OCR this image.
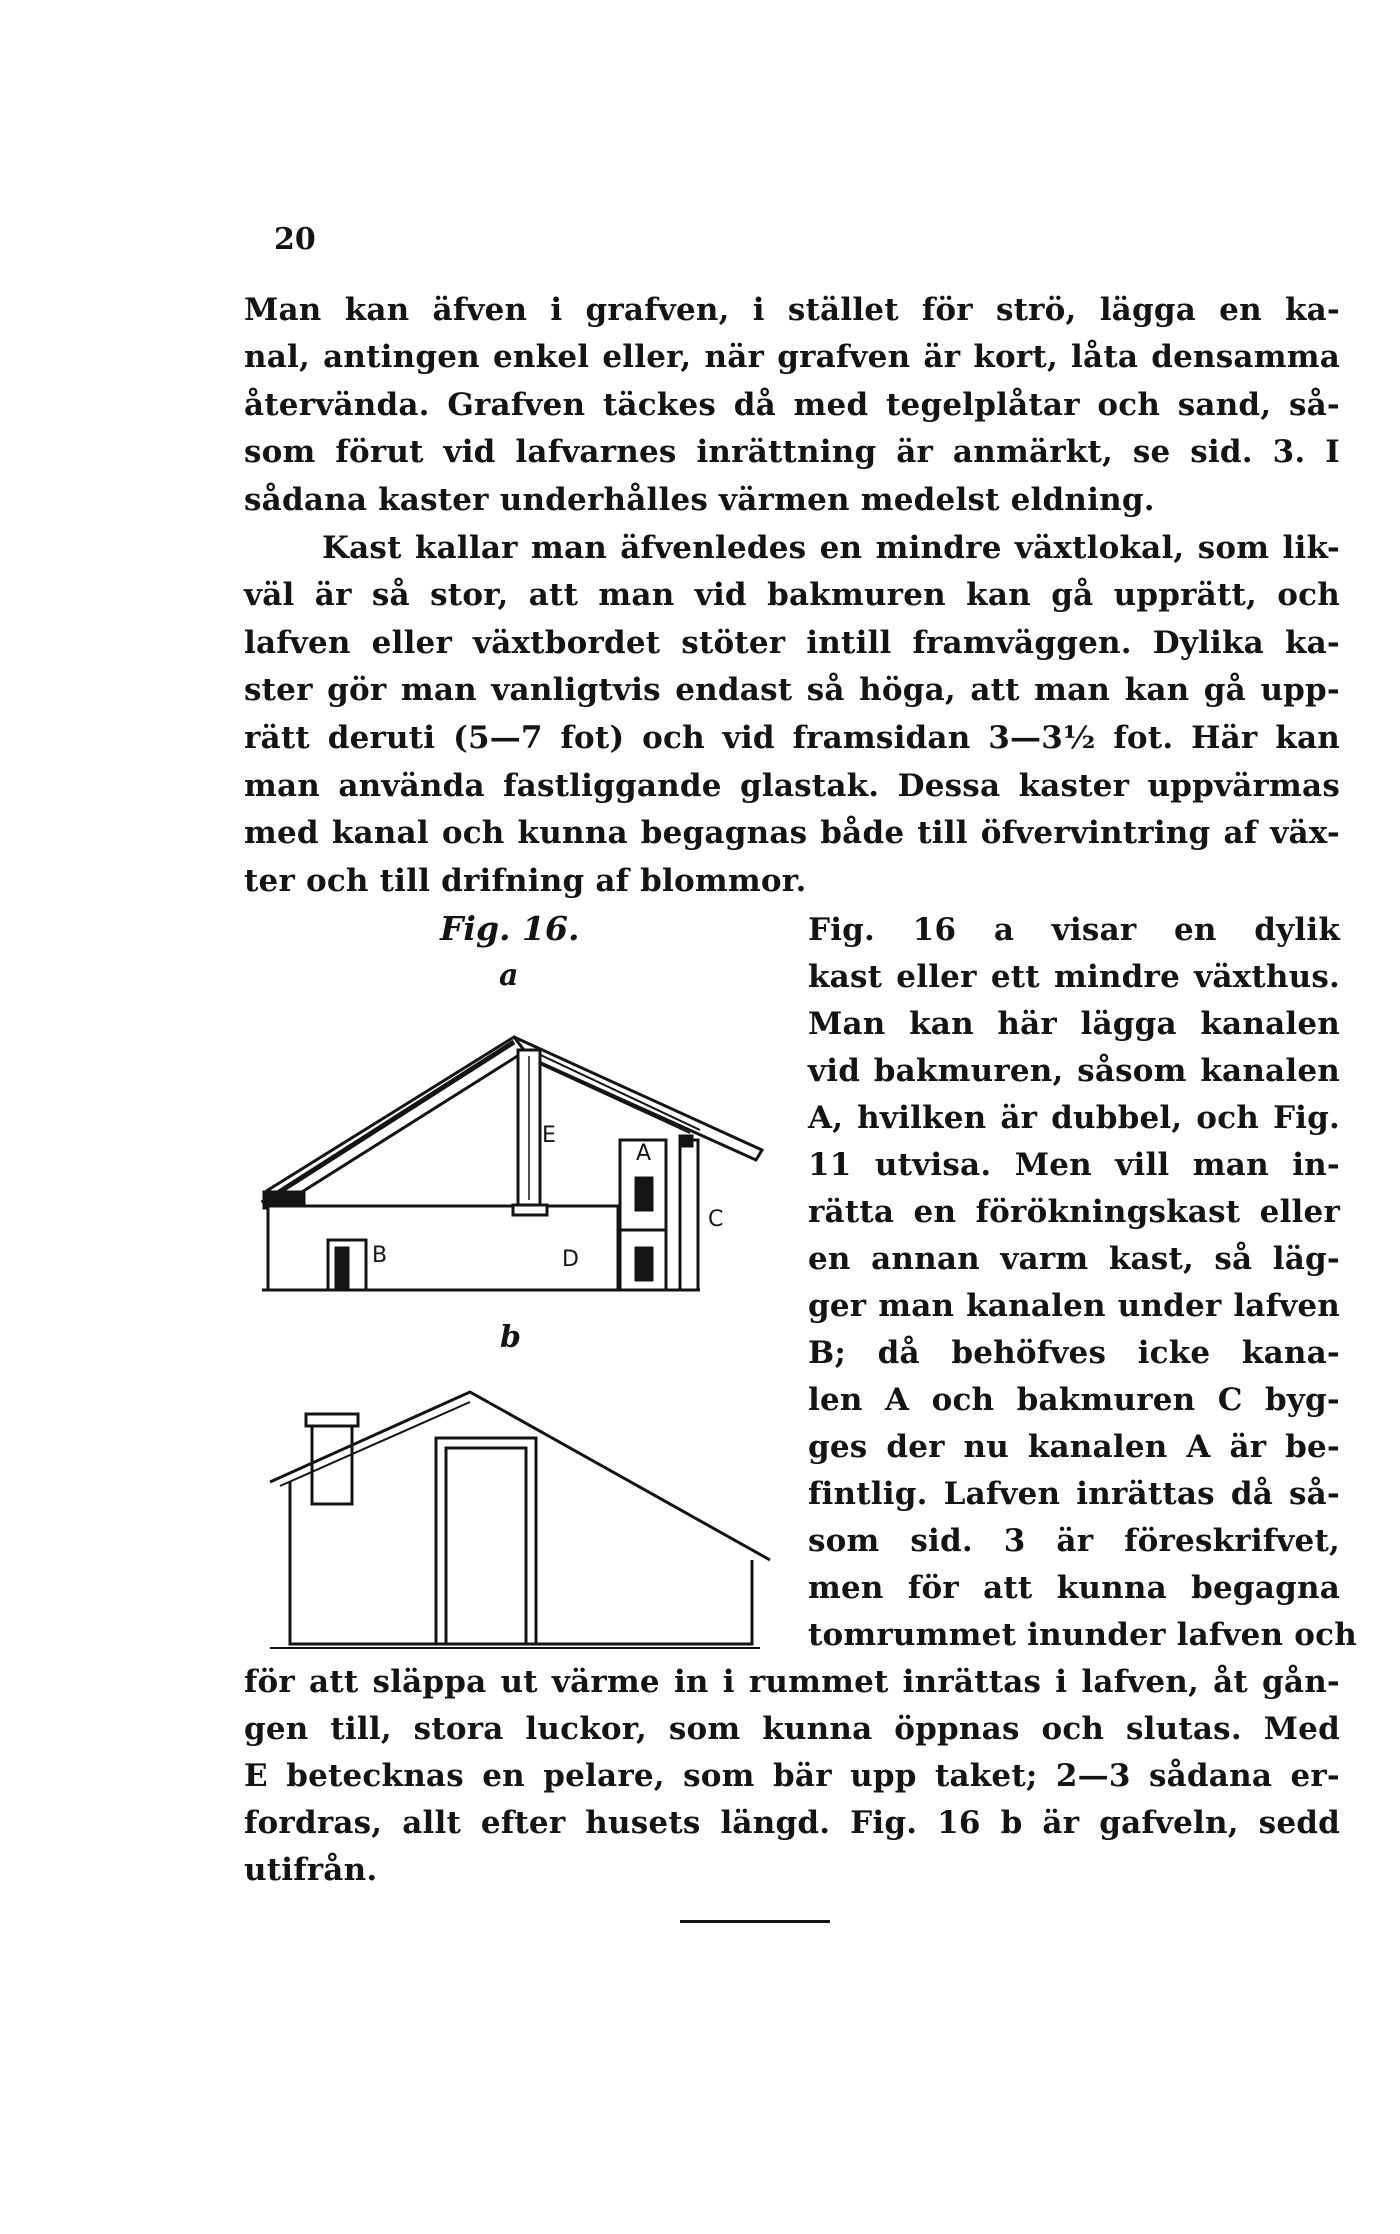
20
Man kan äfven i grafven, i stället för strö, lägga en ka-
nal, antingen enkel eller, när grafven är kort, låta densamma
återvända. Grafven täckes då med tegelplåtar och sand, så-
som förut vid lafvarnes inrättning är anmärkt, se sid. 3. I
sådana kaster underhålles värmen medelst eldning.
Kast kallar man äfvenledes en mindre växtlokal, som lik-
väl är så stor, att man vid bakmuren kan gå upprätt, och
lafven eller växtbordet stöter intill framväggen. Dylika ka-
ster gör man vanligtvis endast så höga, att man kan gå upp-
rätt deruti (5—7 fot) och vid framsidan 3—3½ fot. Här kan
man använda fastliggande glastak. Dessa kaster uppvärmas
med kanal och kunna begagnas både till öfvervintring af väx-
ter och till drifning af blommor.
Fig. 16.
a
b
E
A
B
C
D
Fig. 16 a visar en dylik
kast eller ett mindre växthus.
Man kan här lägga kanalen
vid bakmuren, såsom kanalen
A, hvilken är dubbel, och Fig.
11 utvisa. Men vill man in-
rätta en förökningskast eller
en annan varm kast, så läg-
ger man kanalen under lafven
B; då behöfves icke kana-
len A och bakmuren C byg-
ges der nu kanalen A är be-
fintlig. Lafven inrättas då så-
som sid. 3 är föreskrifvet,
men för att kunna begagna
tomrummet inunder lafven och
för att släppa ut värme in i rummet inrättas i lafven, åt gån-
gen till, stora luckor, som kunna öppnas och slutas. Med
E betecknas en pelare, som bär upp taket; 2—3 sådana er-
fordras, allt efter husets längd. Fig. 16 b är gafveln, sedd
utifrån.
